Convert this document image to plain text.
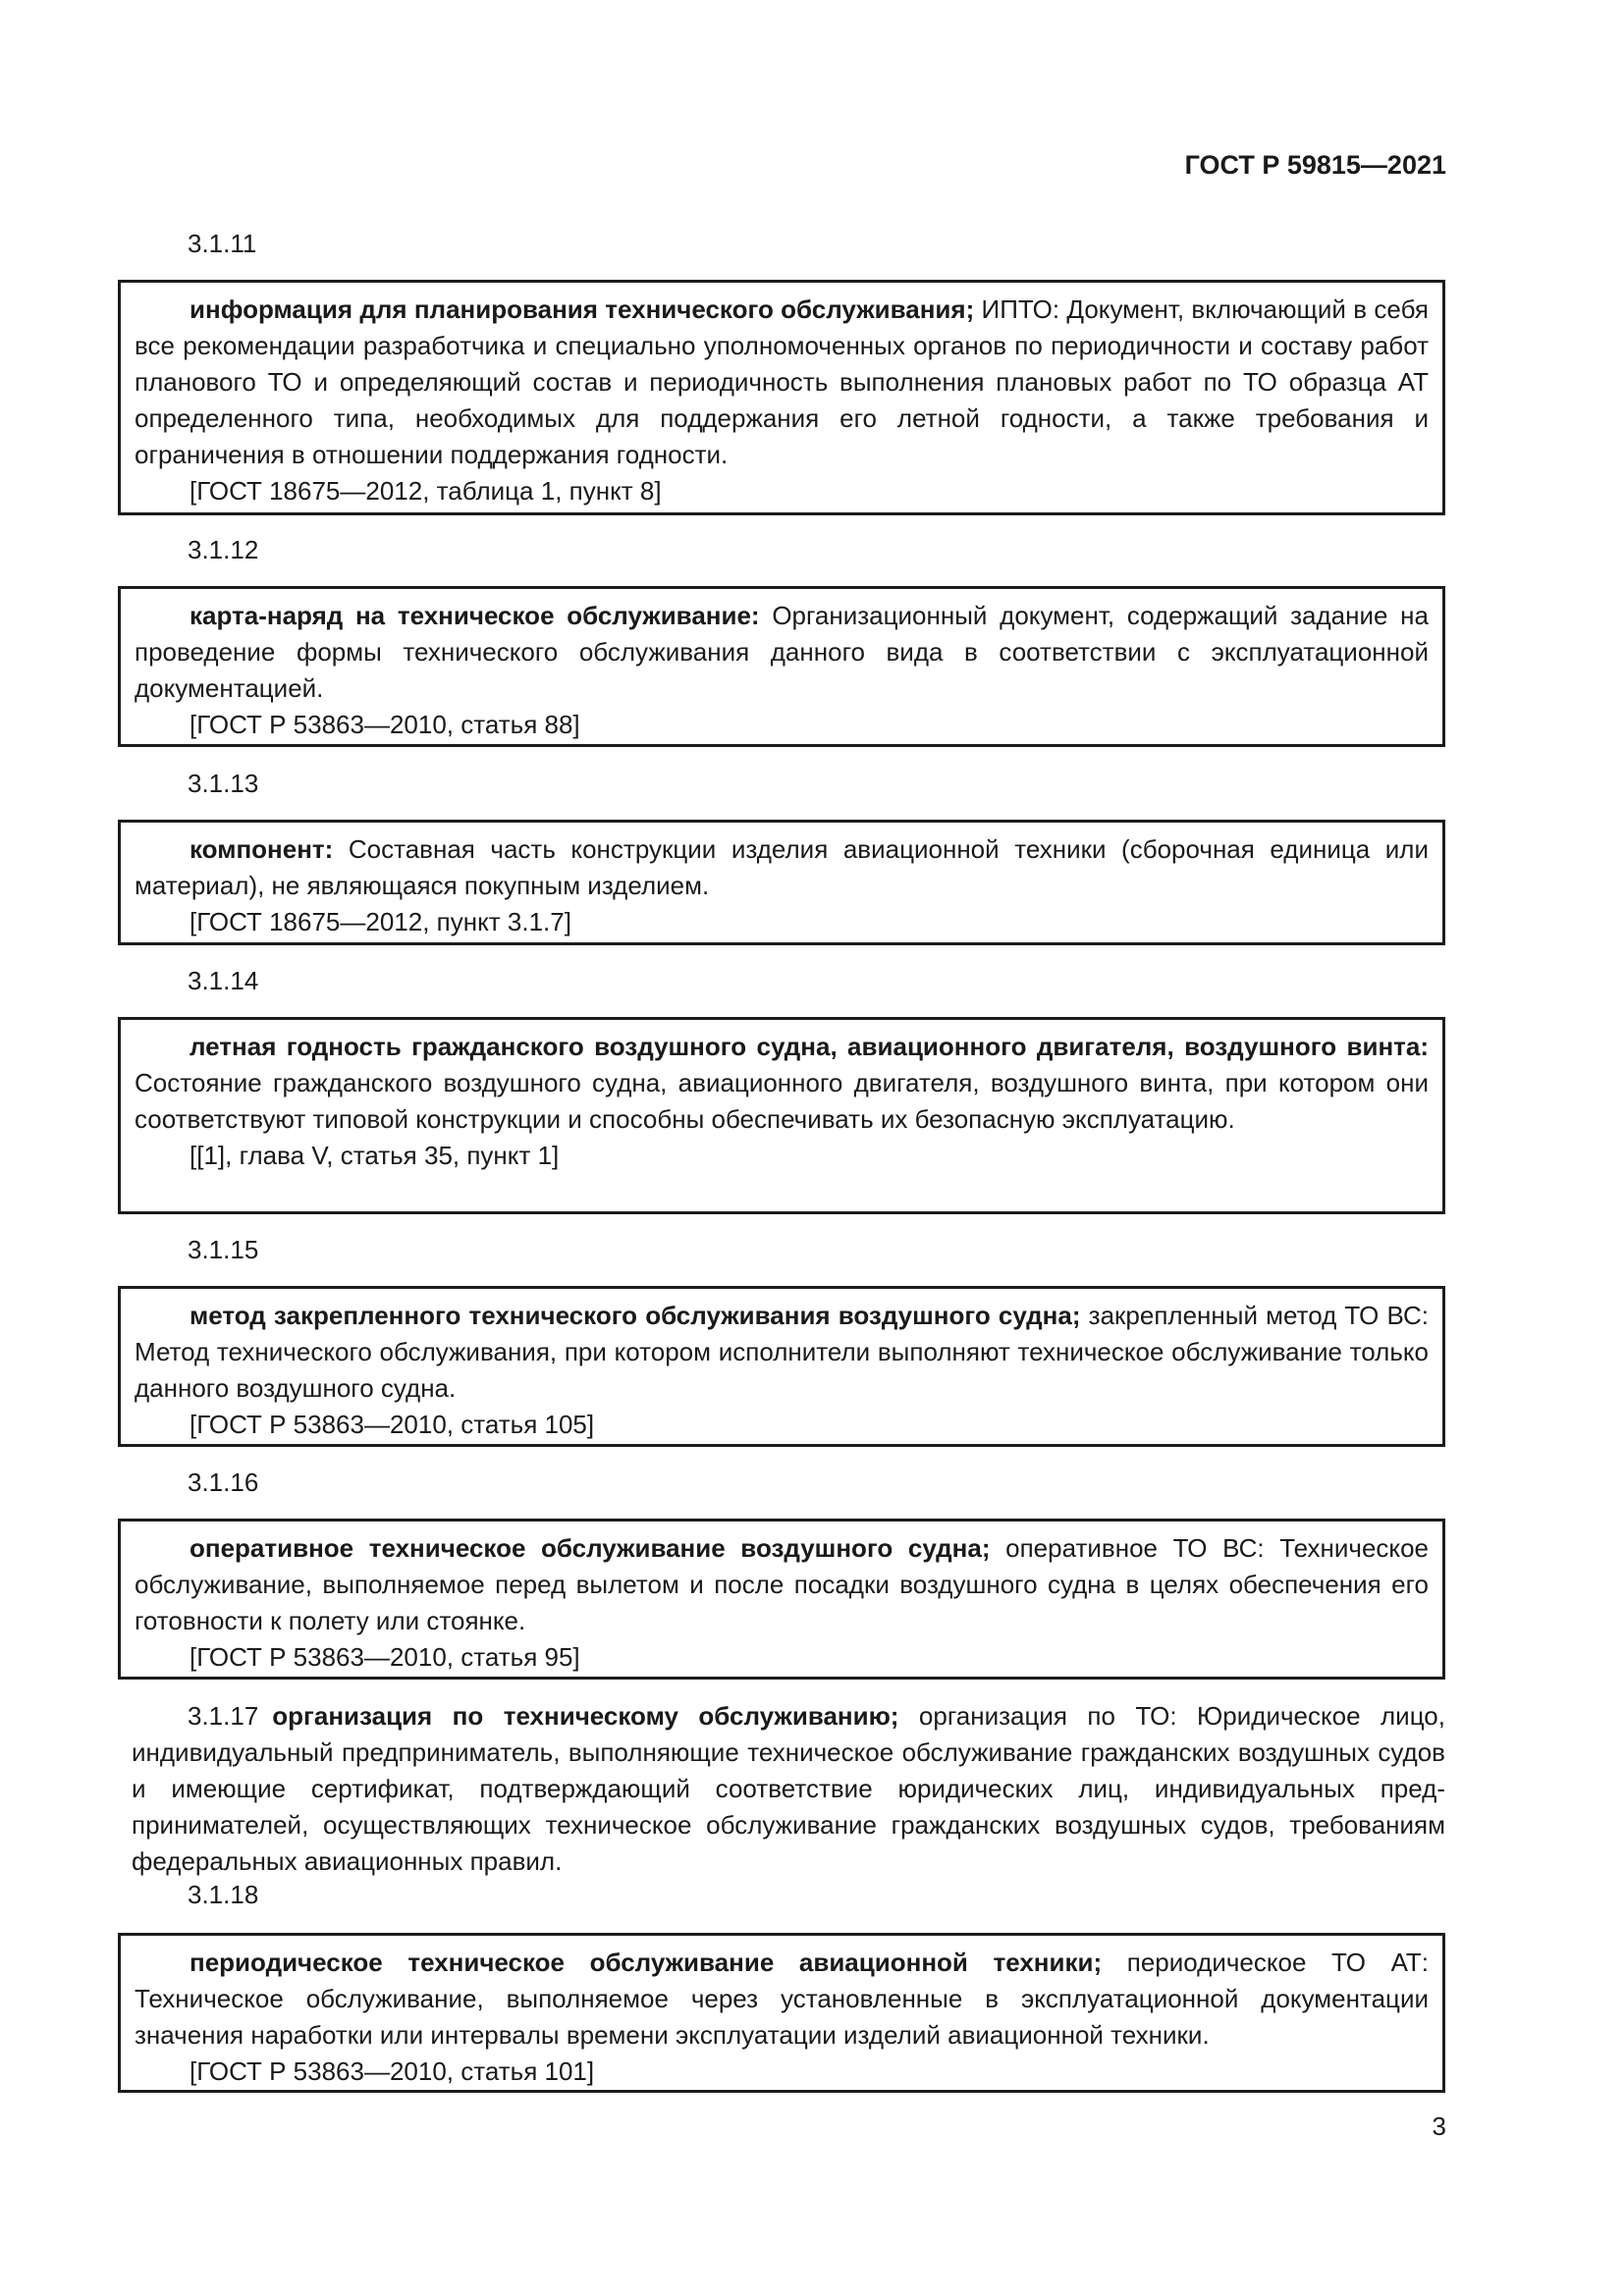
ГОСТ Р 59815—2021

3.1.11

информация для планирования технического обслуживания; ИПТО: Документ, включающий в себя все рекомендации разработчика и специально уполномоченных органов по периодичности и составу работ планового ТО и определяющий состав и периодичность выполнения плановых работ по ТО образца АТ определенного типа, необходимых для поддержания его летной годности, а также требования и ограничения в отношении поддержания годности.

[ГОСТ 18675—2012, таблица 1, пункт 8]

3.1.12

карта-наряд на техническое обслуживание: Организационный документ, содержащий задание на проведение формы технического обслуживания данного вида в соответствии с эксплуатационной документацией.

[ГОСТ Р 53863—2010, статья 88]

3.1.13

компонент: Составная часть конструкции изделия авиационной техники (сборочная единица или материал), не являющаяся покупным изделием.

[ГОСТ 18675—2012, пункт 3.1.7]

3.1.14

летная годность гражданского воздушного судна, авиационного двигателя, воздушного винта: Состояние гражданского воздушного судна, авиационного двигателя, воздушного винта, при котором они соответствуют типовой конструкции и способны обеспечивать их безопасную эксплуатацию.

[[1], глава V, статья 35, пункт 1]

3.1.15

метод закрепленного технического обслуживания воздушного судна; закрепленный метод ТО ВС: Метод технического обслуживания, при котором исполнители выполняют техническое обслуживание только данного воздушного судна.

[ГОСТ Р 53863—2010, статья 105]

3.1.16

оперативное техническое обслуживание воздушного судна; оперативное ТО ВС: Техническое обслуживание, выполняемое перед вылетом и после посадки воздушного судна в целях обеспечения его готовности к полету или стоянке.

[ГОСТ Р 53863—2010, статья 95]

3.1.17 организация по техническому обслуживанию; организация по ТО: Юридическое лицо, индивидуальный предприниматель, выполняющие техническое обслуживание гражданских воздушных судов и имеющие сертификат, подтверждающий соответствие юридических лиц, индивидуальных предпринимателей, осуществляющих техническое обслуживание гражданских воздушных судов, требованиям федеральных авиационных правил.

3.1.18

периодическое техническое обслуживание авиационной техники; периодическое ТО АТ: Техническое обслуживание, выполняемое через установленные в эксплуатационной документации значения наработки или интервалы времени эксплуатации изделий авиационной техники.

[ГОСТ Р 53863—2010, статья 101]

3
